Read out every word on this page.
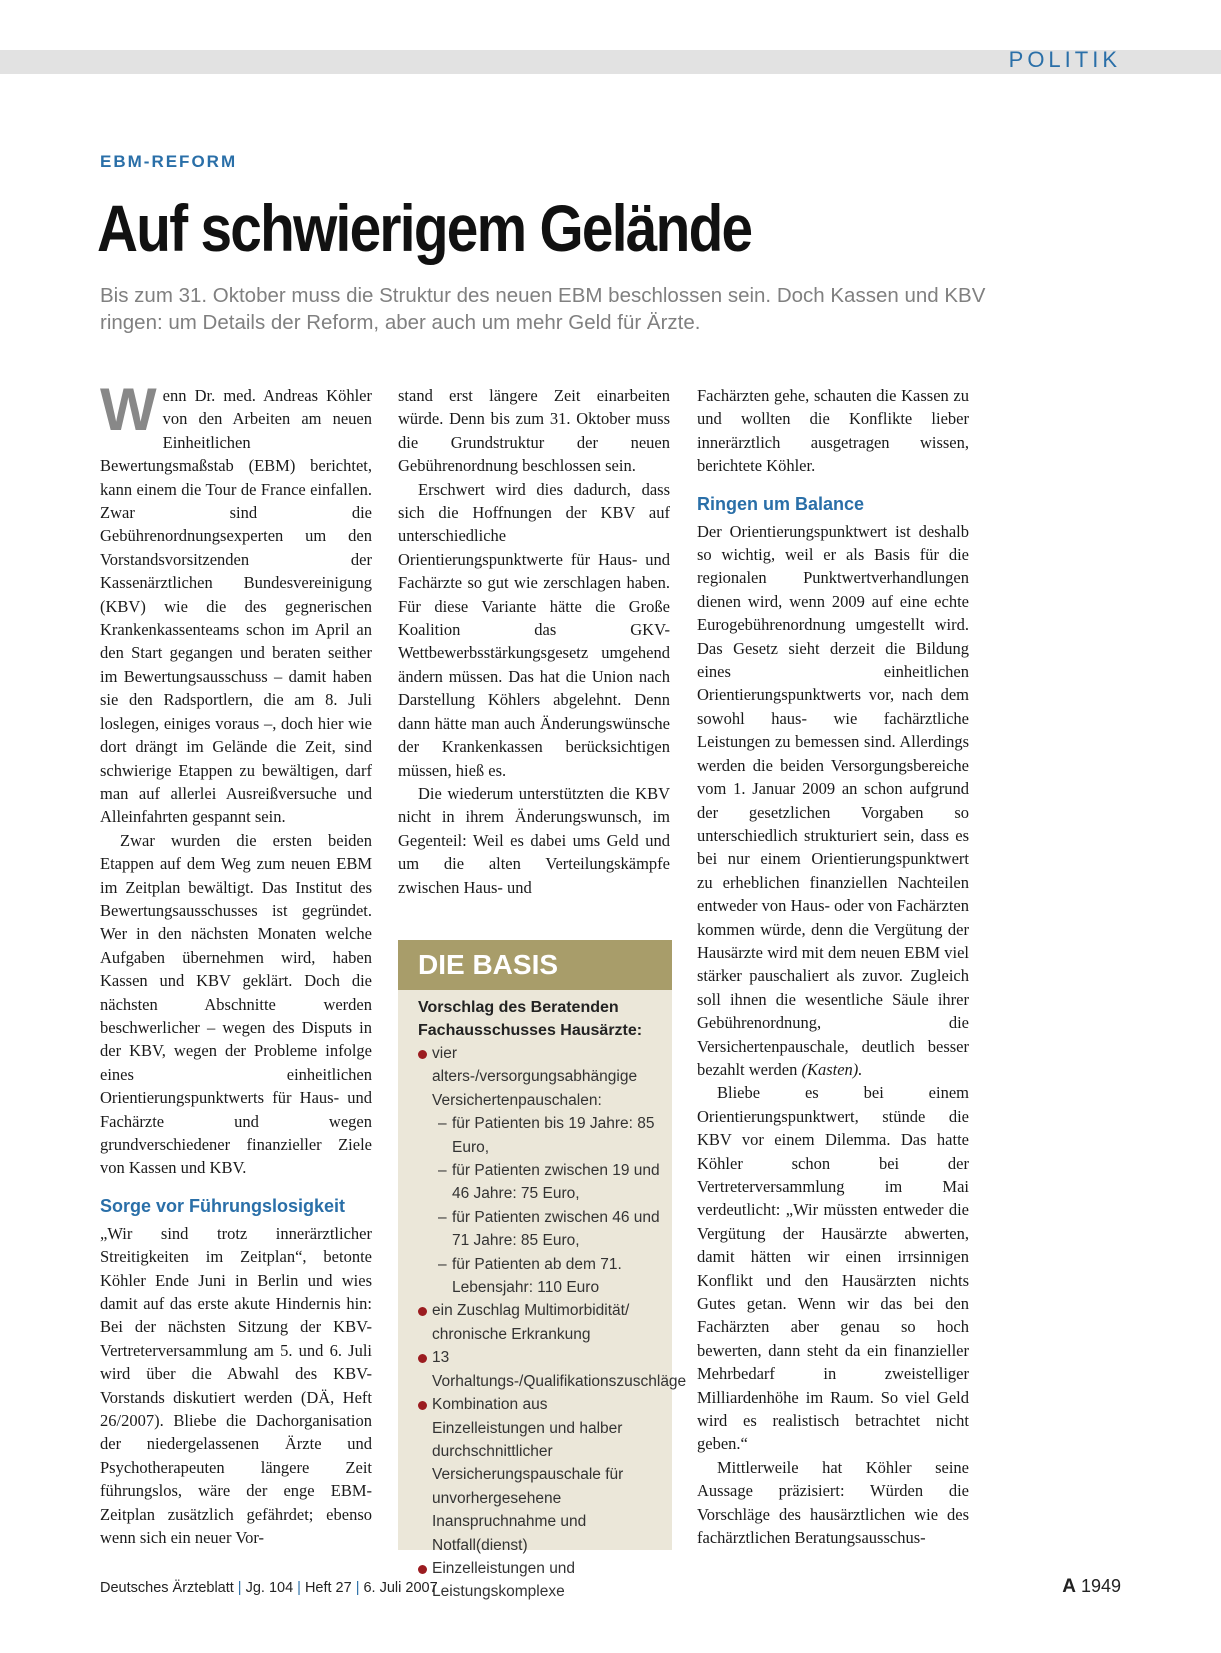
POLITIK
EBM-REFORM
Auf schwierigem Gelände

Bis zum 31. Oktober muss die Struktur des neuen EBM beschlossen sein. Doch Kassen und KBV ringen: um Details der Reform, aber auch um mehr Geld für Ärzte.

Wenn Dr. med. Andreas Köhler von den Arbeiten am neuen Einheitlichen Bewertungsmaßstab (EBM) berichtet, kann einem die Tour de France einfallen. Zwar sind die Gebührenordnungsexperten um den Vorstandsvorsitzenden der Kassenärztlichen Bundesvereinigung (KBV) wie die des gegnerischen Krankenkassenteams schon im April an den Start gegangen und beraten seither im Bewertungsausschuss – damit haben sie den Radsportlern, die am 8. Juli loslegen, einiges voraus –, doch hier wie dort drängt im Gelände die Zeit, sind schwierige Etappen zu bewältigen, darf man auf allerlei Ausreißversuche und Alleinfahrten gespannt sein.

Zwar wurden die ersten beiden Etappen auf dem Weg zum neuen EBM im Zeitplan bewältigt. Das Institut des Bewertungsausschusses ist gegründet. Wer in den nächsten Monaten welche Aufgaben übernehmen wird, haben Kassen und KBV geklärt. Doch die nächsten Abschnitte werden beschwerlicher – wegen des Disputs in der KBV, wegen der Probleme infolge eines einheitlichen Orientierungspunktwerts für Haus- und Fachärzte und wegen grundverschiedener finanzieller Ziele von Kassen und KBV.

Sorge vor Führungslosigkeit

„Wir sind trotz innerärztlicher Streitigkeiten im Zeitplan“, betonte Köhler Ende Juni in Berlin und wies damit auf das erste akute Hindernis hin: Bei der nächsten Sitzung der KBV-Vertreterversammlung am 5. und 6. Juli wird über die Abwahl des KBV-Vorstands diskutiert werden (DÄ, Heft 26/2007). Bliebe die Dachorganisation der niedergelassenen Ärzte und Psychotherapeuten längere Zeit führungslos, wäre der enge EBM-Zeitplan zusätzlich gefährdet; ebenso wenn sich ein neuer Vor-

stand erst längere Zeit einarbeiten würde. Denn bis zum 31. Oktober muss die Grundstruktur der neuen Gebührenordnung beschlossen sein.

Erschwert wird dies dadurch, dass sich die Hoffnungen der KBV auf unterschiedliche Orientierungspunktwerte für Haus- und Fachärzte so gut wie zerschlagen haben. Für diese Variante hätte die Große Koalition das GKV-Wettbewerbsstärkungsgesetz umgehend ändern müssen. Das hat die Union nach Darstellung Köhlers abgelehnt. Denn dann hätte man auch Änderungswünsche der Krankenkassen berücksichtigen müssen, hieß es.

Die wiederum unterstützten die KBV nicht in ihrem Änderungswunsch, im Gegenteil: Weil es dabei ums Geld und um die alten Verteilungskämpfe zwischen Haus- und

DIE BASIS
Vorschlag des Beratenden Fachausschusses Hausärzte:
vier alters-/versorgungsabhängige Versichertenpauschalen:
– für Patienten bis 19 Jahre: 85 Euro,
– für Patienten zwischen 19 und 46 Jahre: 75 Euro,
– für Patienten zwischen 46 und 71 Jahre: 85 Euro,
– für Patienten ab dem 71. Lebensjahr: 110 Euro
ein Zuschlag Multimorbidität/ chronische Erkrankung
13 Vorhaltungs-/Qualifikationszuschläge
Kombination aus Einzelleistungen und halber durchschnittlicher Versicherungspauschale für unvorhergesehene Inanspruchnahme und Notfall(dienst)
Einzelleistungen und Leistungskomplexe

Fachärzten gehe, schauten die Kassen zu und wollten die Konflikte lieber innerärztlich ausgetragen wissen, berichtete Köhler.

Ringen um Balance

Der Orientierungspunktwert ist deshalb so wichtig, weil er als Basis für die regionalen Punktwertverhandlungen dienen wird, wenn 2009 auf eine echte Eurogebührenordnung umgestellt wird. Das Gesetz sieht derzeit die Bildung eines einheitlichen Orientierungspunktwerts vor, nach dem sowohl haus- wie fachärztliche Leistungen zu bemessen sind. Allerdings werden die beiden Versorgungsbereiche vom 1. Januar 2009 an schon aufgrund der gesetzlichen Vorgaben so unterschiedlich strukturiert sein, dass es bei nur einem Orientierungspunktwert zu erheblichen finanziellen Nachteilen entweder von Haus- oder von Fachärzten kommen würde, denn die Vergütung der Hausärzte wird mit dem neuen EBM viel stärker pauschaliert als zuvor. Zugleich soll ihnen die wesentliche Säule ihrer Gebührenordnung, die Versichertenpauschale, deutlich besser bezahlt werden (Kasten).

Bliebe es bei einem Orientierungspunktwert, stünde die KBV vor einem Dilemma. Das hatte Köhler schon bei der Vertreterversammlung im Mai verdeutlicht: „Wir müssten entweder die Vergütung der Hausärzte abwerten, damit hätten wir einen irrsinnigen Konflikt und den Hausärzten nichts Gutes getan. Wenn wir das bei den Fachärzten aber genau so hoch bewerten, dann steht da ein finanzieller Mehrbedarf in zweistelliger Milliardenhöhe im Raum. So viel Geld wird es realistisch betrachtet nicht geben.“

Mittlerweile hat Köhler seine Aussage präzisiert: Würden die Vorschläge des hausärztlichen wie des fachärztlichen Beratungsausschus-

Deutsches Ärzteblatt | Jg. 104 | Heft 27 | 6. Juli 2007	A 1949
